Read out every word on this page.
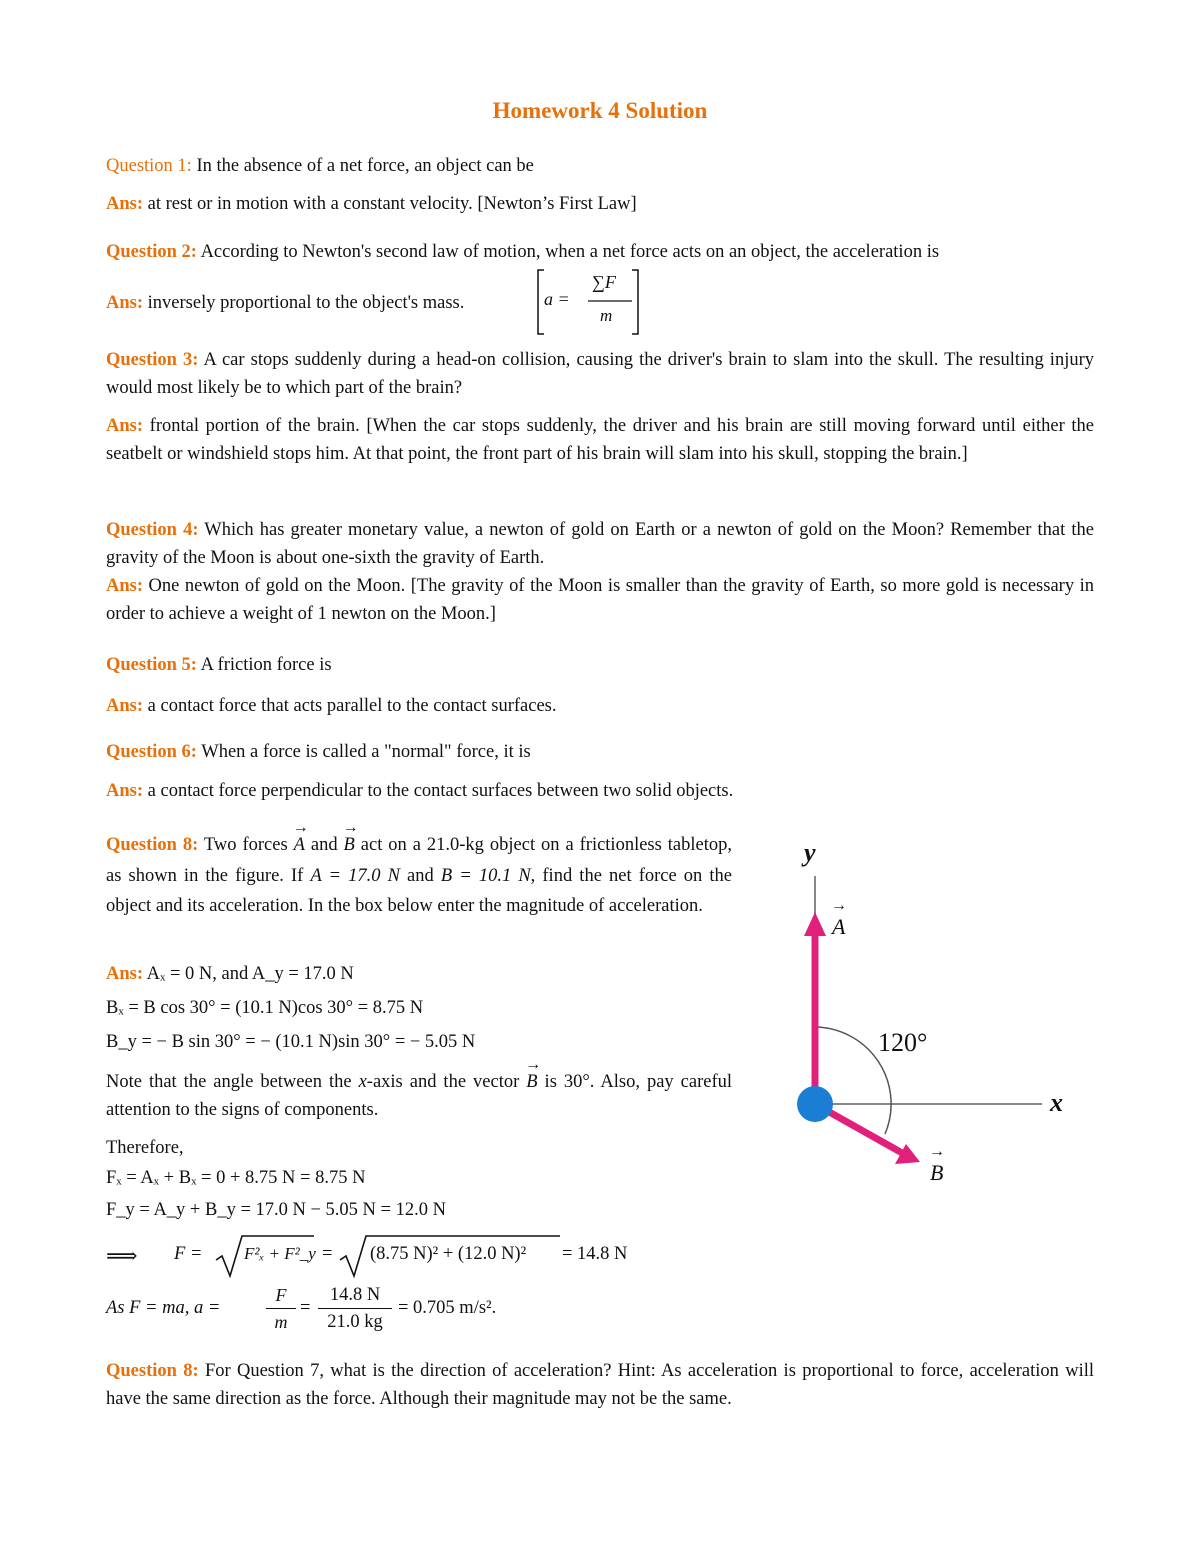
Homework 4 Solution
Question 1: In the absence of a net force, an object can be
Ans: at rest or in motion with a constant velocity. [Newton’s First Law]
Question 2: According to Newton's second law of motion, when a net force acts on an object, the acceleration is
Ans: inversely proportional to the object's mass.	a =
∑F
m
Question 3: A car stops suddenly during a head-on collision, causing the driver's brain to slam into the skull. The resulting injury would most likely be to which part of the brain?
Ans: frontal portion of the brain. [When the car stops suddenly, the driver and his brain are still moving forward until either the seatbelt or windshield stops him. At that point, the front part of his brain will slam into his skull, stopping the brain.]
Question 4: Which has greater monetary value, a newton of gold on Earth or a newton of gold on the Moon? Remember that the gravity of the Moon is about one-sixth the gravity of Earth.
Ans: One newton of gold on the Moon. [The gravity of the Moon is smaller than the gravity of Earth, so more gold is necessary in order to achieve a weight of 1 newton on the Moon.]
Question 5: A friction force is
Ans: a contact force that acts parallel to the contact surfaces.
Question 6: When a force is called a "normal" force, it is
Ans: a contact force perpendicular to the contact surfaces between two solid objects.
Question 8: Two forces → A and → B act on a 21.0-kg object on a frictionless tabletop, as shown in the figure. If A = 17.0 N and B = 10.1 N, find the net force on the object and its acceleration. In the box below enter the magnitude of acceleration.
Ans: Aₓ = 0 N, and A_y = 17.0 N
Bₓ = B cos 30° = (10.1 N)cos 30° = 8.75 N
B_y = − B sin 30° = − (10.1 N)sin 30° = − 5.05 N
Note that the angle between the x-axis and the vector → B is 30°. Also, pay careful attention to the signs of components.
Therefore,
Fₓ = Aₓ + Bₓ = 0 + 8.75 N = 8.75 N
F_y = A_y + B_y = 17.0 N − 5.05 N = 12.0 N
⟹ F = F²ₓ + F²_y = (8.75 N)² + (12.0 N)² = 14.8 N
As F = ma, a =
F
m
=
14.8 N
21.0 kg
= 0.705 m/s².
y
x
→ A
→ B
120°
Question 8: For Question 7, what is the direction of acceleration? Hint: As acceleration is proportional to force, acceleration will have the same direction as the force. Although their magnitude may not be the same.
